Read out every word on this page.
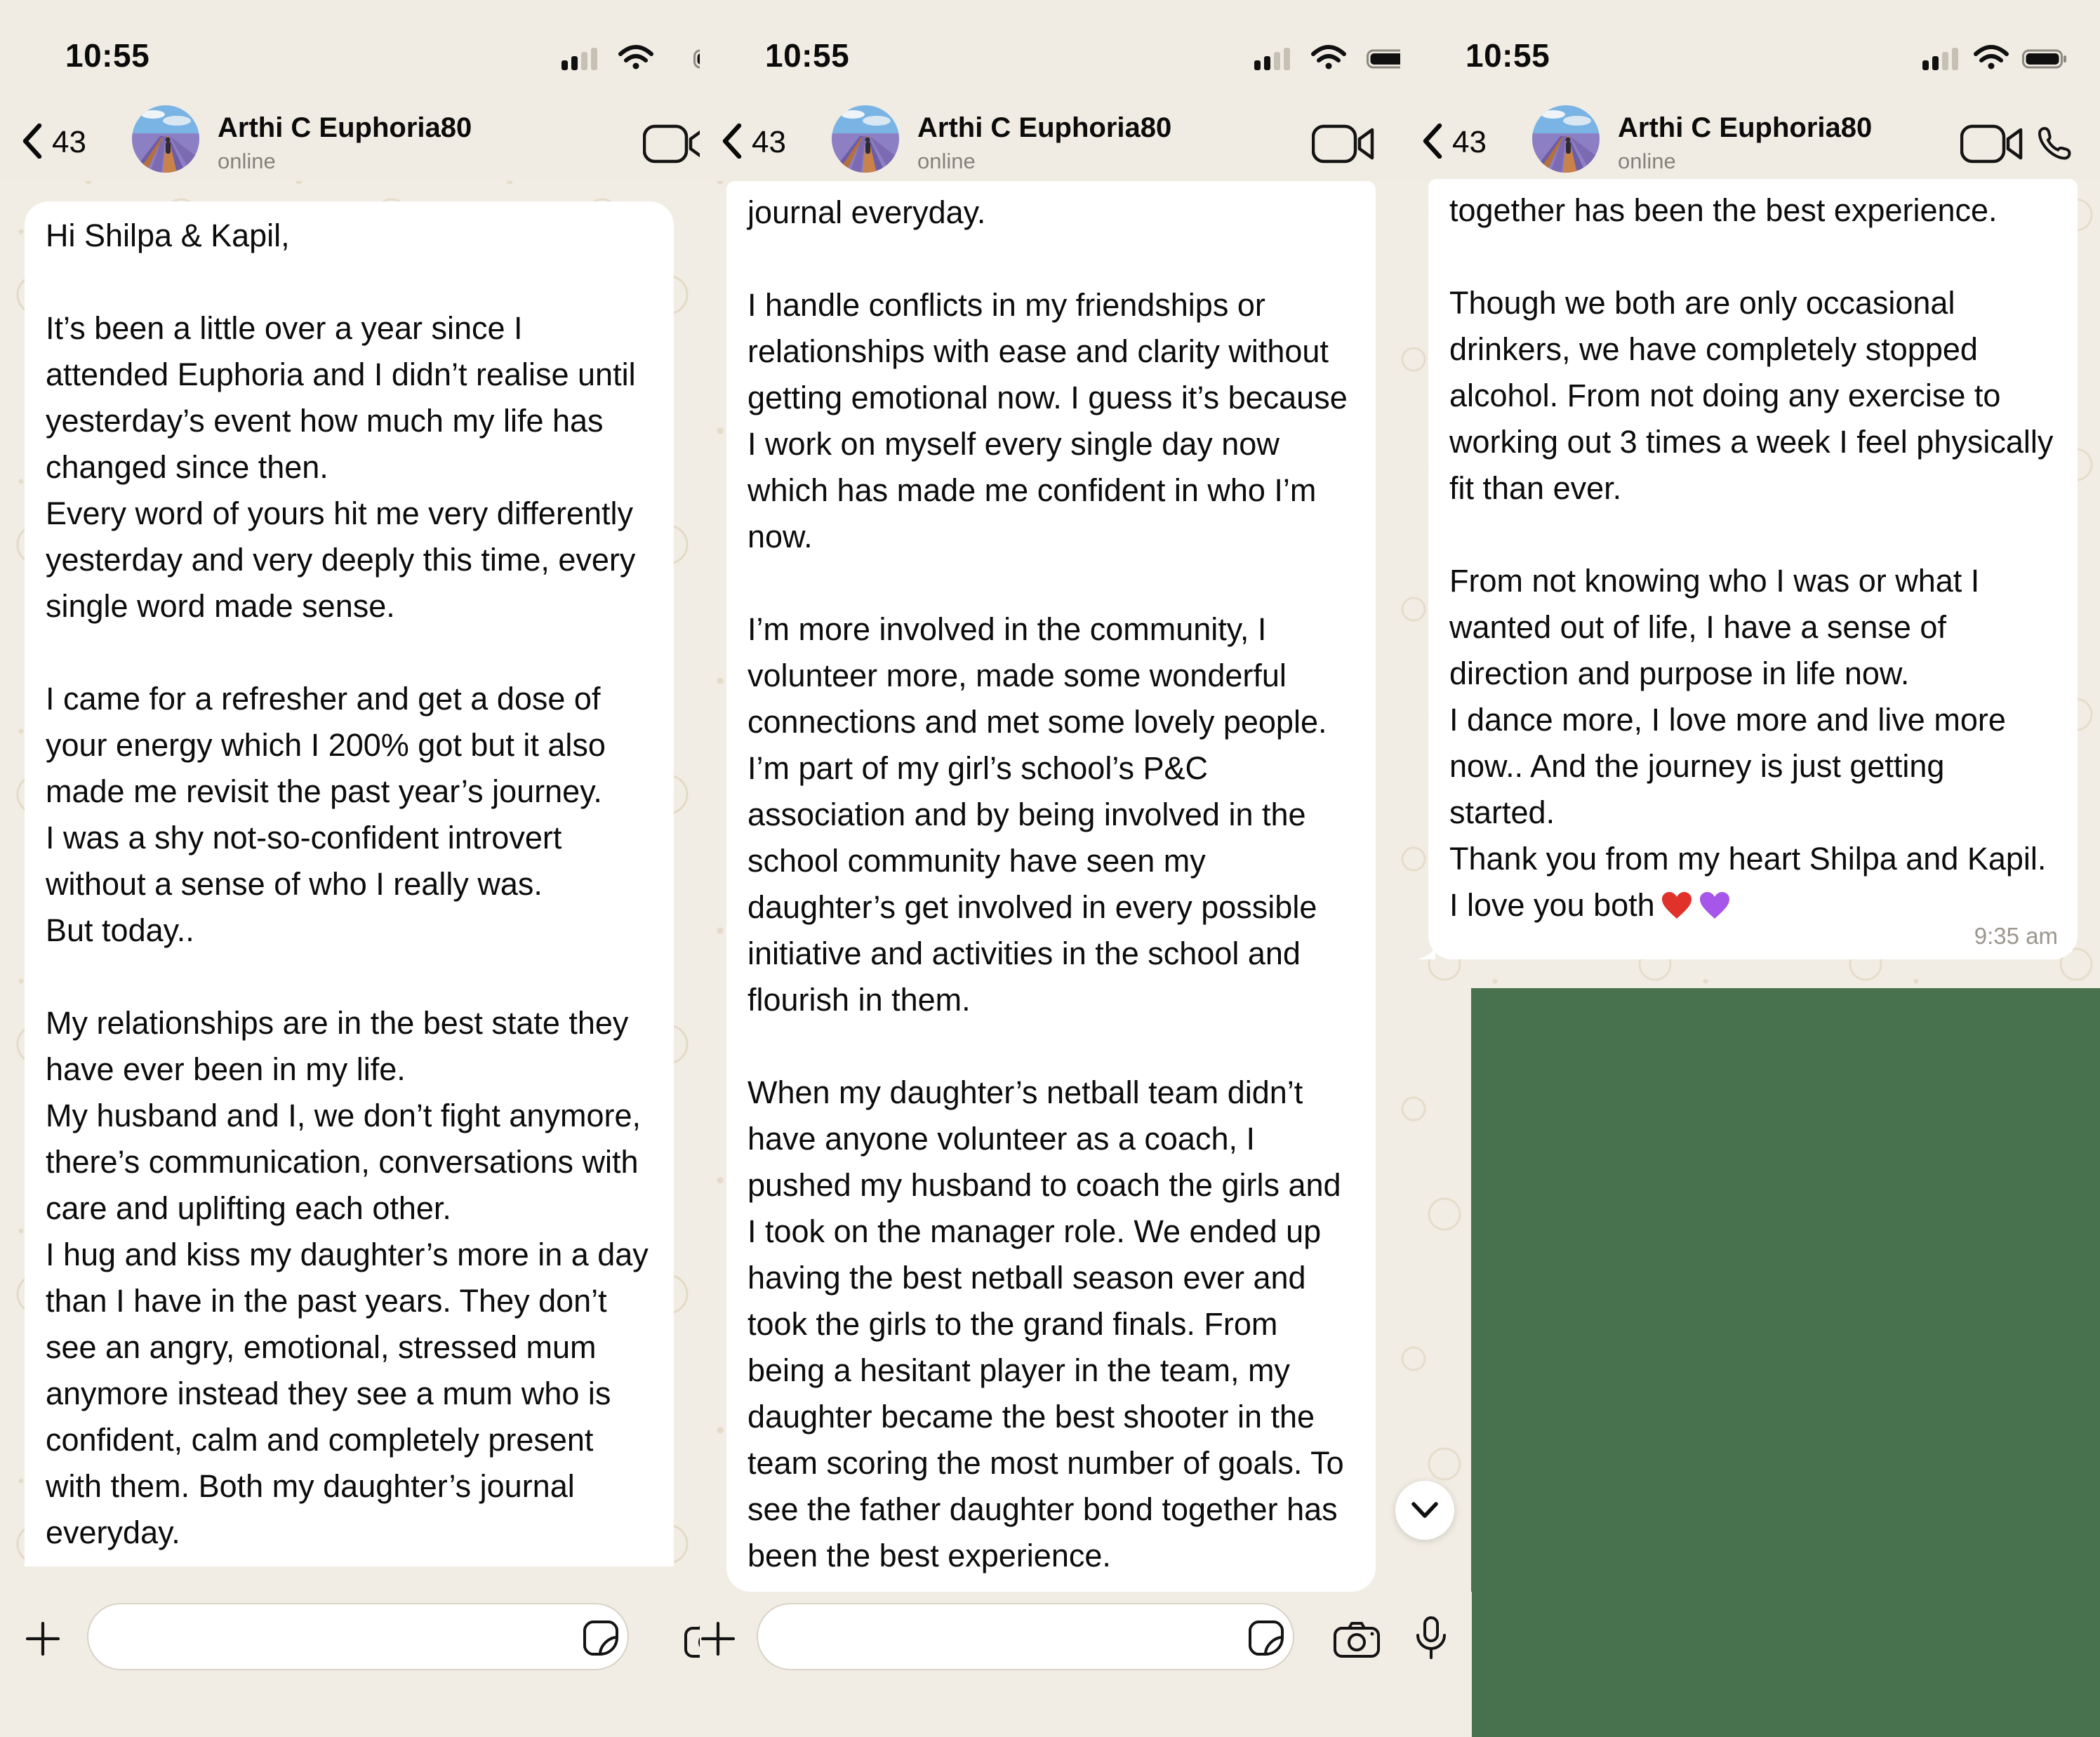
10:55
43	Arthi C Euphoria80
online
10:55
43	Arthi C Euphoria80
online
10:55
43	Arthi C Euphoria80
online
Hi Shilpa & Kapil,
It’s been a little over a year since I attended Euphoria and I didn’t realise until yesterday’s event how much my life has changed since then.
Every word of yours hit me very differently yesterday and very deeply this time, every single word made sense.
I came for a refresher and get a dose of your energy which I 200% got but it also made me revisit the past year’s journey.
I was a shy not-so-confident introvert without a sense of who I really was.
But today..
My relationships are in the best state they have ever been in my life.
My husband and I, we don’t fight anymore, there’s communication, conversations with care and uplifting each other.
I hug and kiss my daughter’s more in a day than I have in the past years. They don’t see an angry, emotional, stressed mum anymore instead they see a mum who is confident, calm and completely present with them. Both my daughter’s journal everyday.
journal everyday.
I handle conflicts in my friendships or relationships with ease and clarity without getting emotional now. I guess it’s because I work on myself every single day now which has made me confident in who I’m now.
I’m more involved in the community, I volunteer more, made some wonderful connections and met some lovely people.
I’m part of my girl’s school’s P&C association and by being involved in the school community have seen my daughter’s get involved in every possible initiative and activities in the school and flourish in them.
When my daughter’s netball team didn’t have anyone volunteer as a coach, I pushed my husband to coach the girls and I took on the manager role. We ended up having the best netball season ever and took the girls to the grand finals. From being a hesitant player in the team, my daughter became the best shooter in the team scoring the most number of goals. To see the father daughter bond together has been the best experience.
together has been the best experience.
Though we both are only occasional drinkers, we have completely stopped alcohol. From not doing any exercise to working out 3 times a week I feel physically fit than ever.
From not knowing who I was or what I wanted out of life, I have a sense of direction and purpose in life now.
I dance more, I love more and live more now.. And the journey is just getting started.
Thank you from my heart Shilpa and Kapil.
I love you both
9:35 am
